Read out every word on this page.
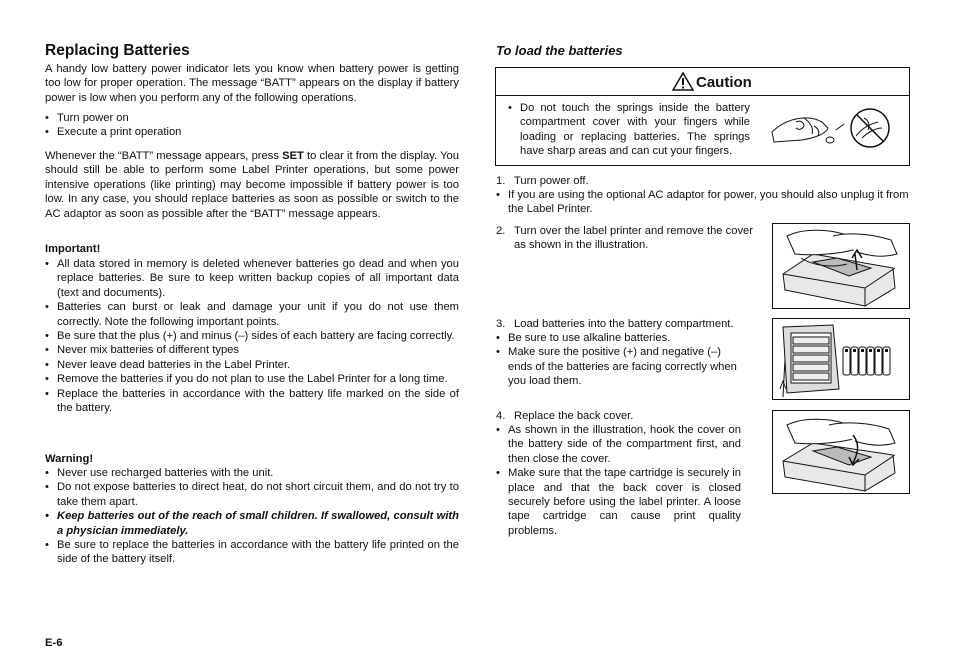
Replacing Batteries
A handy low battery power indicator lets you know when battery power is getting too low for proper operation. The message “BATT” appears on the display if battery power is low when you perform any of the following operations.
• Turn power on
• Execute a print operation
Whenever the “BATT” message appears, press SET to clear it from the display. You should still be able to perform some Label Printer operations, but some power intensive operations (like printing) may become impossible if battery power is too low. In any case, you should replace batteries as soon as possible or switch to the AC adaptor as soon as possible after the “BATT” message appears.
Important!
• All data stored in memory is deleted whenever batteries go dead and when you replace batteries. Be sure to keep written backup copies of all important data (text and documents).
• Batteries can burst or leak and damage your unit if you do not use them correctly. Note the following important points.
• Be sure that the plus (+) and minus (–) sides of each battery are facing correctly.
• Never mix batteries of different types
• Never leave dead batteries in the Label Printer.
• Remove the batteries if you do not plan to use the Label Printer for a long time.
• Replace the batteries in accordance with the battery life marked on the side of the battery.
Warning!
• Never use recharged batteries with the unit.
• Do not expose batteries to direct heat, do not short circuit them, and do not try to take them apart.
• Keep batteries out of the reach of small children. If swallowed, consult with a physician immediately.
• Be sure to replace the batteries in accordance with the battery life printed on the side of the battery itself.
E-6
To load the batteries
Caution
• Do not touch the springs inside the battery compartment cover with your fingers while loading or replacing batteries. The springs have sharp areas and can cut your fingers.
1. Turn power off.
• If you are using the optional AC adaptor for power, you should also unplug it from the Label Printer.
2. Turn over the label printer and remove the cover as shown in the illustration.
3. Load batteries into the battery compartment.
• Be sure to use alkaline batteries.
• Make sure the positive (+) and negative (–) ends of the batteries are facing correctly when you load them.
4. Replace the back cover.
• As shown in the illustration, hook the cover on the battery side of the compartment first, and then close the cover.
• Make sure that the tape cartridge is securely in place and that the back cover is closed securely before using the label printer. A loose tape cartridge can cause print quality problems.
